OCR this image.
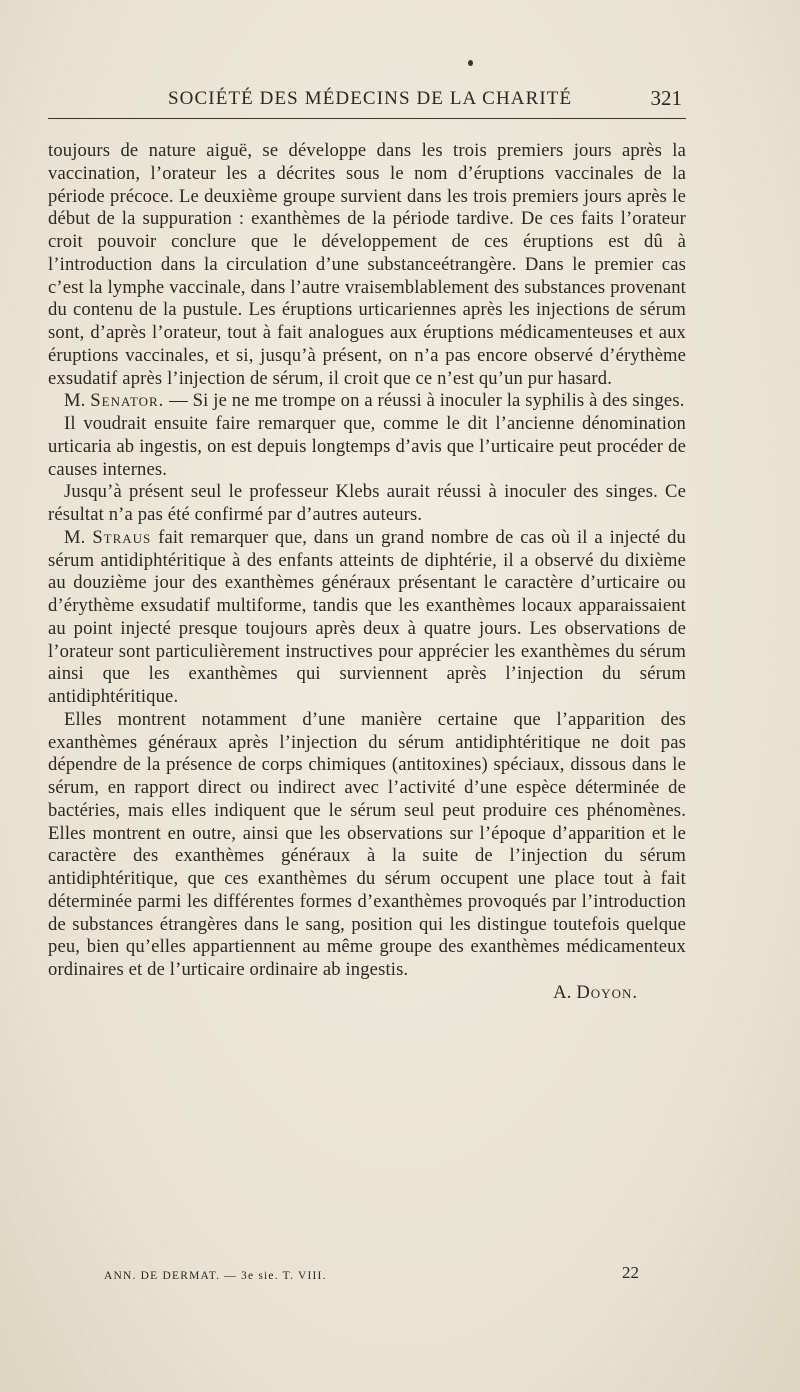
SOCIÉTÉ DES MÉDECINS DE LA CHARITÉ	321

toujours de nature aiguë, se développe dans les trois premiers jours après la vaccination, l’orateur les a décrites sous le nom d’éruptions vaccinales de la période précoce. Le deuxième groupe survient dans les trois premiers jours après le début de la suppuration : exanthèmes de la période tardive. De ces faits l’orateur croit pouvoir conclure que le développement de ces éruptions est dû à l’introduction dans la circulation d’une substanceétrangère. Dans le premier cas c’est la lymphe vaccinale, dans l’autre vraisemblablement des substances provenant du contenu de la pustule. Les éruptions urticariennes après les injections de sérum sont, d’après l’orateur, tout à fait analogues aux éruptions médicamenteuses et aux éruptions vaccinales, et si, jusqu’à présent, on n’a pas encore observé d’érythème exsudatif après l’injection de sérum, il croit que ce n’est qu’un pur hasard.

M. Senator. — Si je ne me trompe on a réussi à inoculer la syphilis à des singes.

Il voudrait ensuite faire remarquer que, comme le dit l’ancienne dénomination urticaria ab ingestis, on est depuis longtemps d’avis que l’urticaire peut procéder de causes internes.

Jusqu’à présent seul le professeur Klebs aurait réussi à inoculer des singes. Ce résultat n’a pas été confirmé par d’autres auteurs.

M. Straus fait remarquer que, dans un grand nombre de cas où il a injecté du sérum antidiphtéritique à des enfants atteints de diphtérie, il a observé du dixième au douzième jour des exanthèmes généraux présentant le caractère d’urticaire ou d’érythème exsudatif multiforme, tandis que les exanthèmes locaux apparaissaient au point injecté presque toujours après deux à quatre jours. Les observations de l’orateur sont particulièrement instructives pour apprécier les exanthèmes du sérum ainsi que les exanthèmes qui surviennent après l’injection du sérum antidiphtéritique.

Elles montrent notamment d’une manière certaine que l’apparition des exanthèmes généraux après l’injection du sérum antidiphtéritique ne doit pas dépendre de la présence de corps chimiques (antitoxines) spéciaux, dissous dans le sérum, en rapport direct ou indirect avec l’activité d’une espèce déterminée de bactéries, mais elles indiquent que le sérum seul peut produire ces phénomènes. Elles montrent en outre, ainsi que les observations sur l’époque d’apparition et le caractère des exanthèmes généraux à la suite de l’injection du sérum antidiphtéritique, que ces exanthèmes du sérum occupent une place tout à fait déterminée parmi les différentes formes d’exanthèmes provoqués par l’introduction de substances étrangères dans le sang, position qui les distingue toutefois quelque peu, bien qu’elles appartiennent au même groupe des exanthèmes médicamenteux ordinaires et de l’urticaire ordinaire ab ingestis.

A. Doyon.

ANN. DE DERMAT. — 3e sie. T. VIII.	22
